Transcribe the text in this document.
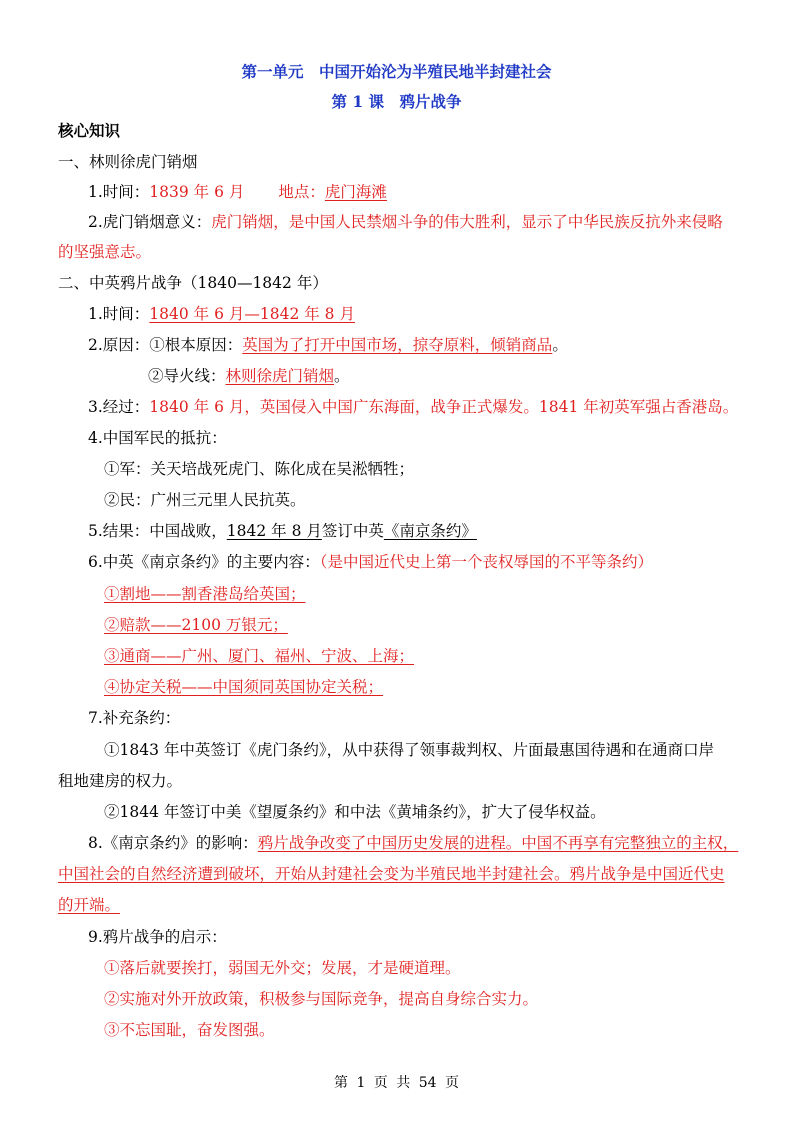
第一单元　中国开始沦为半殖民地半封建社会
第 1 课　鸦片战争
核心知识
一、林则徐虎门销烟
1.时间：1839 年 6 月 地点：虎门海滩
2.虎门销烟意义：虎门销烟，是中国人民禁烟斗争的伟大胜利，显示了中华民族反抗外来侵略
的坚强意志。
二、中英鸦片战争（1840—1842 年）
1.时间：1840 年 6 月—1842 年 8 月
2.原因：①根本原因：英国为了打开中国市场，掠夺原料，倾销商品。
②导火线：林则徐虎门销烟。
3.经过：1840 年 6 月，英国侵入中国广东海面，战争正式爆发。1841 年初英军强占香港岛。
4.中国军民的抵抗：
①军：关天培战死虎门、陈化成在吴淞牺牲；
②民：广州三元里人民抗英。
5.结果：中国战败，1842 年 8 月签订中英《南京条约》
6.中英《南京条约》的主要内容：（是中国近代史上第一个丧权辱国的不平等条约）
①割地——割香港岛给英国；
②赔款——2100 万银元；
③通商——广州、厦门、福州、宁波、上海；
④协定关税——中国须同英国协定关税；
7.补充条约：
①1843 年中英签订《虎门条约》，从中获得了领事裁判权、片面最惠国待遇和在通商口岸
租地建房的权力。
②1844 年签订中美《望厦条约》和中法《黄埔条约》，扩大了侵华权益。
8.《南京条约》的影响：鸦片战争改变了中国历史发展的进程。中国不再享有完整独立的主权，
中国社会的自然经济遭到破坏，开始从封建社会变为半殖民地半封建社会。鸦片战争是中国近代史
的开端。
9.鸦片战争的启示：
①落后就要挨打，弱国无外交；发展，才是硬道理。
②实施对外开放政策，积极参与国际竞争，提高自身综合实力。
③不忘国耻，奋发图强。
第 1 页 共 54 页
